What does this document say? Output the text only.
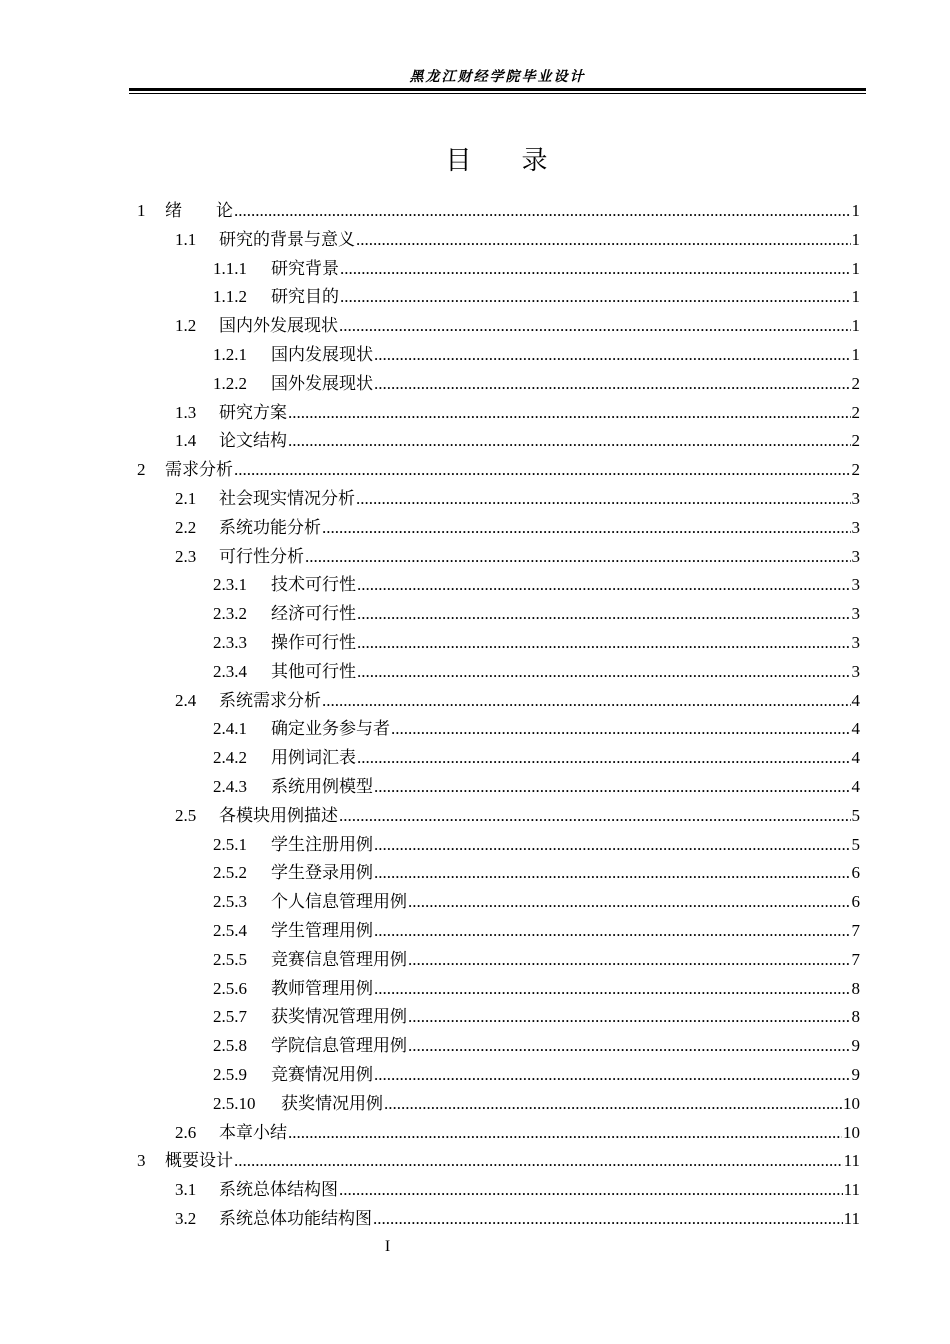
黑龙江财经学院毕业设计
目 录
1 绪　　论 .....	1
1.1 研究的背景与意义 .....	1
1.1.1 研究背景 .....	1
1.1.2 研究目的 .....	1
1.2 国内外发展现状 .....	1
1.2.1 国内发展现状 .....	1
1.2.2 国外发展现状 .....	2
1.3 研究方案 .....	2
1.4 论文结构 .....	2
2 需求分析 .....	2
2.1 社会现实情况分析 .....	3
2.2 系统功能分析 .....	3
2.3 可行性分析 .....	3
2.3.1 技术可行性 .....	3
2.3.2 经济可行性 .....	3
2.3.3 操作可行性 .....	3
2.3.4 其他可行性 .....	3
2.4 系统需求分析 .....	4
2.4.1 确定业务参与者 .....	4
2.4.2 用例词汇表 .....	4
2.4.3 系统用例模型 .....	4
2.5 各模块用例描述 .....	5
2.5.1 学生注册用例 .....	5
2.5.2 学生登录用例 .....	6
2.5.3 个人信息管理用例 .....	6
2.5.4 学生管理用例 .....	7
2.5.5 竞赛信息管理用例 .....	7
2.5.6 教师管理用例 .....	8
2.5.7 获奖情况管理用例 .....	8
2.5.8 学院信息管理用例 .....	9
2.5.9 竞赛情况用例 .....	9
2.5.10 获奖情况用例 .....	10
2.6 本章小结 .....	10
3 概要设计 .....	11
3.1 系统总体结构图 .....	11
3.2 系统总体功能结构图 .....	11
I
